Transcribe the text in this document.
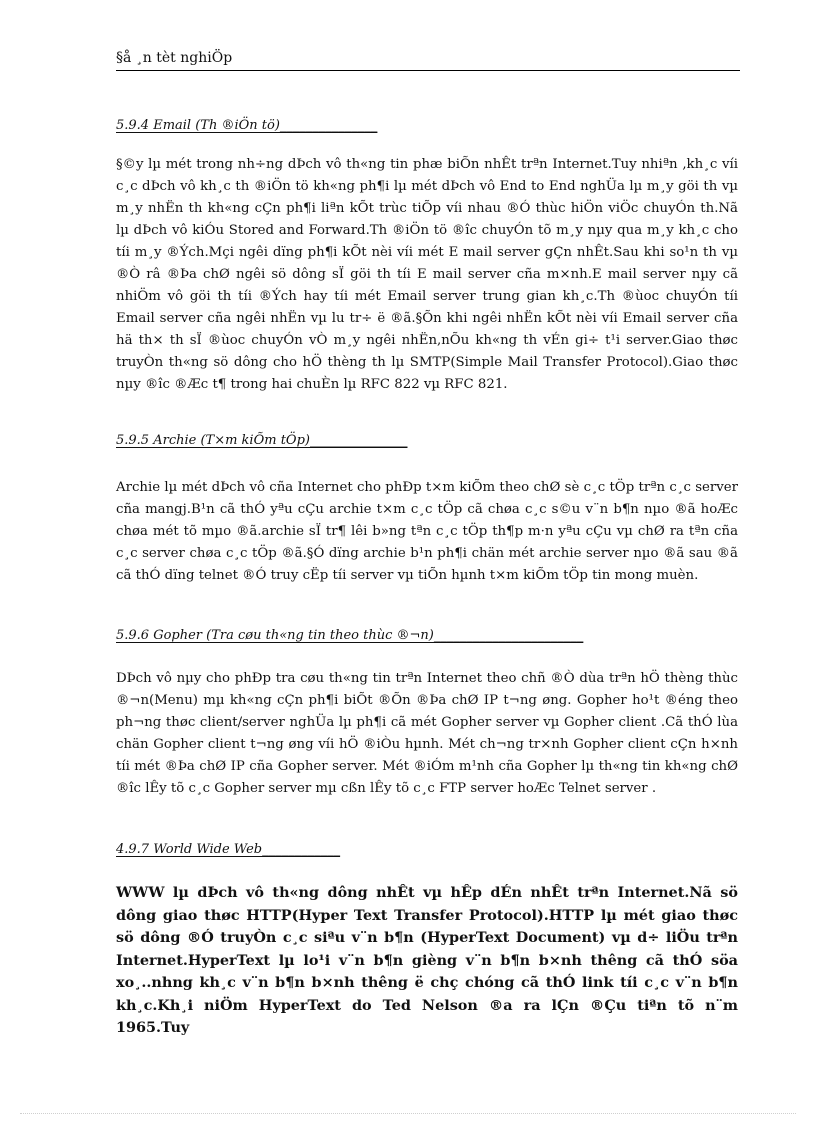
§å ¸n tèt nghiÖp
5.9.4 Email (Th ®iÖn tö)_______________
§©y lµ mét trong nh÷ng dÞch vô th«ng tin phæ biÕn nhÊt trªn Internet.Tuy nhiªn ,kh¸c víi c¸c dÞch vô kh¸c th ®iÖn tö kh«ng ph¶i lµ mét dÞch vô End to End nghÜa lµ m¸y göi th vµ m¸y nhËn th kh«ng cÇn ph¶i liªn kÕt trùc tiÕp víi nhau ®Ó thùc hiÖn viÖc chuyÓn th.Nã lµ dÞch vô kiÓu Stored and Forward.Th ®iÖn tö ®îc chuyÓn tõ m¸y nµy qua m¸y kh¸c cho tíi m¸y ®Ých.Mçi ngêi dïng ph¶i kÕt nèi víi mét E mail server gÇn nhÊt.Sau khi so¹n th vµ ®Ò râ ®Þa chØ ngêi sö dông sÏ göi th tíi E mail server cña m×nh.E mail server nµy cã nhiÖm vô göi th tíi ®Ých hay tíi mét Email server trung gian kh¸c.Th ®ùoc chuyÓn tíi Email server cña ngêi nhËn vµ lu tr÷ ë ®ã.§Õn khi ngêi nhËn kÕt nèi víi Email server cña hä th× th sÏ ®ùoc chuyÓn vÒ m¸y ngêi nhËn,nÕu kh«ng th vÉn gi÷ t¹i server.Giao thøc truyÒn th«ng sö dông cho hÖ thèng th lµ SMTP(Simple Mail Transfer Protocol).Giao thøc nµy ®îc ®Æc t¶ trong hai chuÈn lµ RFC 822 vµ RFC 821.
5.9.5 Archie (T×m kiÕm tÖp)_______________
Archie lµ mét dÞch vô cña Internet cho phÐp t×m kiÕm theo chØ sè c¸c tÖp trªn c¸c server cña mangj.B¹n cã thÓ yªu cÇu archie t×m c¸c tÖp cã chøa c¸c s©u v¨n b¶n nµo ®ã hoÆc chøa mét tõ mµo ®ã.archie sÏ tr¶ lêi b»ng tªn c¸c tÖp th¶p m·n yªu cÇu vµ chØ ra tªn cña c¸c server chøa c¸c tÖp ®ã.§Ó dïng archie b¹n ph¶i chän mét archie server nµo ®ã sau ®ã cã thÓ dïng telnet ®Ó truy cËp tíi server vµ tiÕn hµnh t×m kiÕm tÖp tin mong muèn.
5.9.6 Gopher (Tra cøu th«ng tin theo thùc ®¬n)_______________________
DÞch vô nµy cho phÐp tra cøu th«ng tin trªn Internet theo chñ ®Ò dùa trªn hÖ thèng thùc ®¬n(Menu) mµ kh«ng cÇn ph¶i biÕt ®Õn ®Þa chØ IP t¬ng øng. Gopher ho¹t ®éng theo ph¬ng thøc client/server nghÜa lµ ph¶i cã mét Gopher server vµ Gopher client .Cã thÓ lùa chän Gopher client t¬ng øng víi hÖ ®iÒu hµnh. Mét ch¬ng tr×nh Gopher client cÇn h×nh tíi mét ®Þa chØ IP cña Gopher server. Mét ®iÓm m¹nh cña Gopher lµ th«ng tin kh«ng chØ ®îc lÊy tõ c¸c Gopher server mµ cßn lÊy tõ c¸c FTP server hoÆc Telnet server .
4.9.7 World Wide Web____________
WWW lµ dÞch vô th«ng dông nhÊt vµ hÊp dÉn nhÊt trªn Internet.Nã sö dông giao thøc HTTP(Hyper Text Transfer Protocol).HTTP lµ mét giao thøc sö dông ®Ó truyÒn c¸c siªu v¨n b¶n (HyperText Document) vµ d÷ liÖu trªn Internet.HyperText lµ lo¹i v¨n b¶n gièng v¨n b¶n b×nh thêng cã thÓ söa xo¸..nhng kh¸c v¨n b¶n b×nh thêng ë chç chóng cã thÓ link tíi c¸c v¨n b¶n kh¸c.Kh¸i niÖm HyperText do Ted Nelson ®a ra lÇn ®Çu tiªn tõ n¨m 1965.Tuy
